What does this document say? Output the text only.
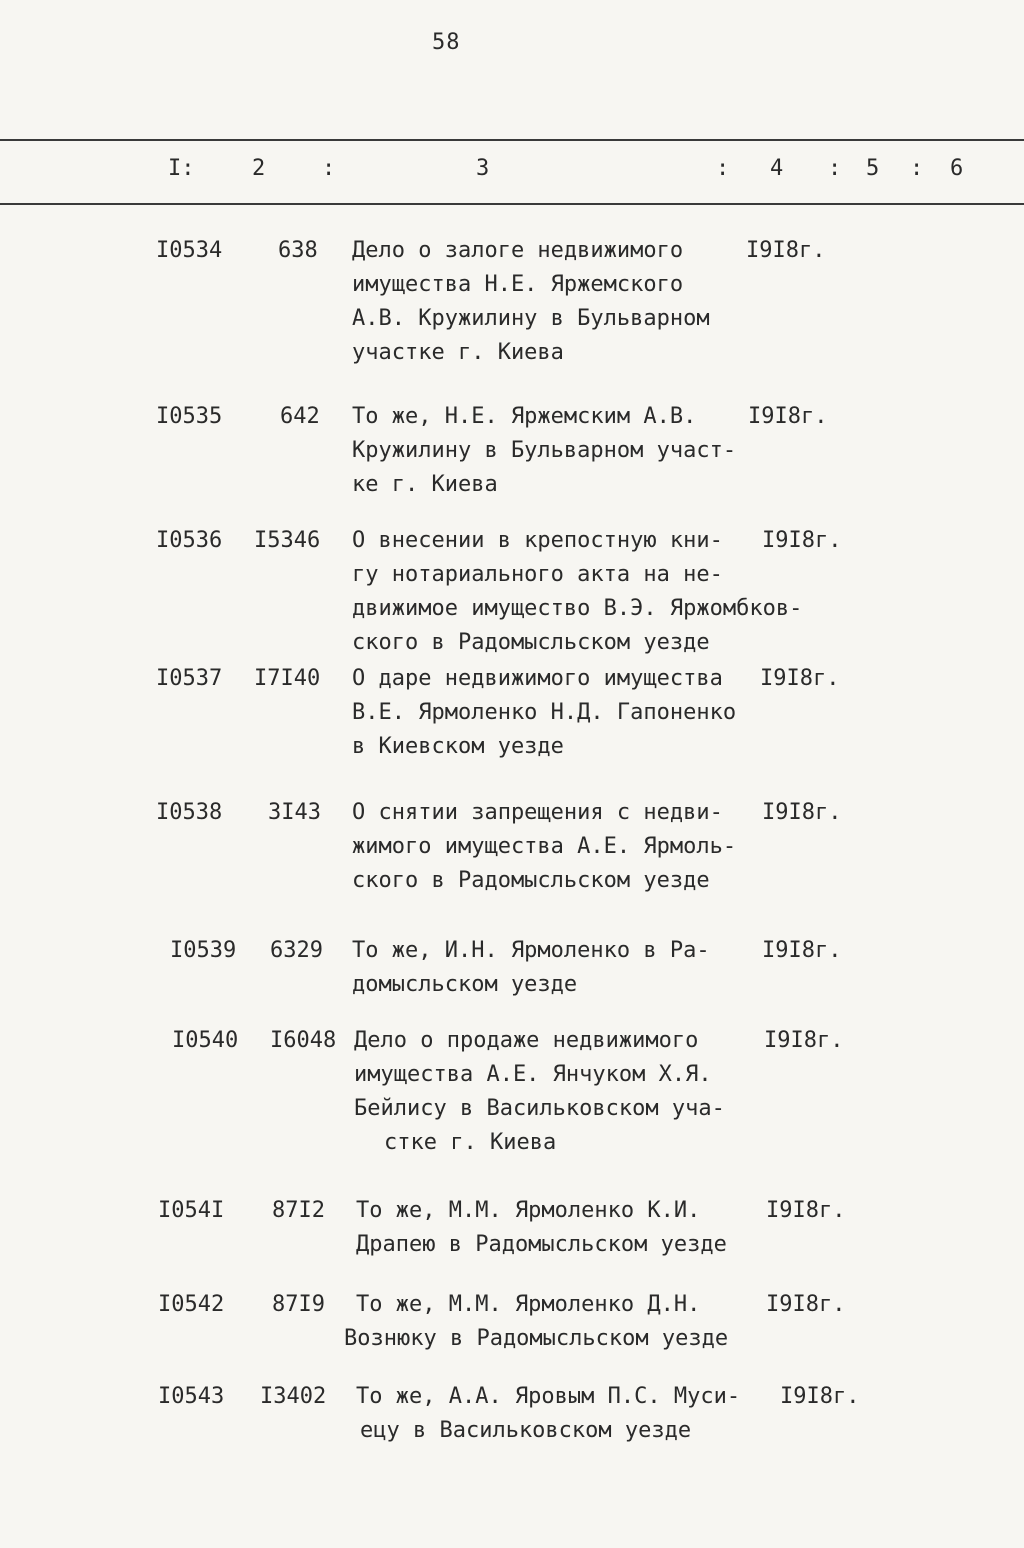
58
I:	2	:	3	: 4 : 5 : 6
I0534	638 Дело о залоге недвижимого
имущества Н.Е. Яржемского
А.В. Кружилину в Бульварном
участке г. Киева
I9I8г.
I0535	642 То же, Н.Е. Яржемским А.В.
Кружилину в Бульварном участ-
ке г. Киева
I9I8г.
I0536 I5346 О внесении в крепостную кни-
гу нотариального акта на не-
движимое имущество В.Э. Яржомбков-
ского в Радомысльском уезде
I9I8г.
I0537 I7I40 О даре недвижимого имущества
В.Е. Ярмоленко Н.Д. Гапоненко
в Киевском уезде
I9I8г.
I0538 3I43 О снятии запрещения с недви-
жимого имущества А.Е. Ярмоль-
ского в Радомысльском уезде
I9I8г.
I0539 6329 То же, И.Н. Ярмоленко в Ра-
домысльском уезде
I9I8г.
I0540 I6048 Дело о продаже недвижимого
имущества А.Е. Янчуком Х.Я.
Бейлису в Васильковском уча-
стке г. Киева
I9I8г.
I054I 87I2 То же, М.М. Ярмоленко К.И.
Драпею в Радомысльском уезде
I9I8г.
I0542 87I9	То же, М.М. Ярмоленко Д.Н.
Вознюку в Радомысльском уезде
I9I8г.
I0543 I3402 То же, А.А. Яровым П.С. Муси-
ецу в Васильковском уезде
I9I8г.
